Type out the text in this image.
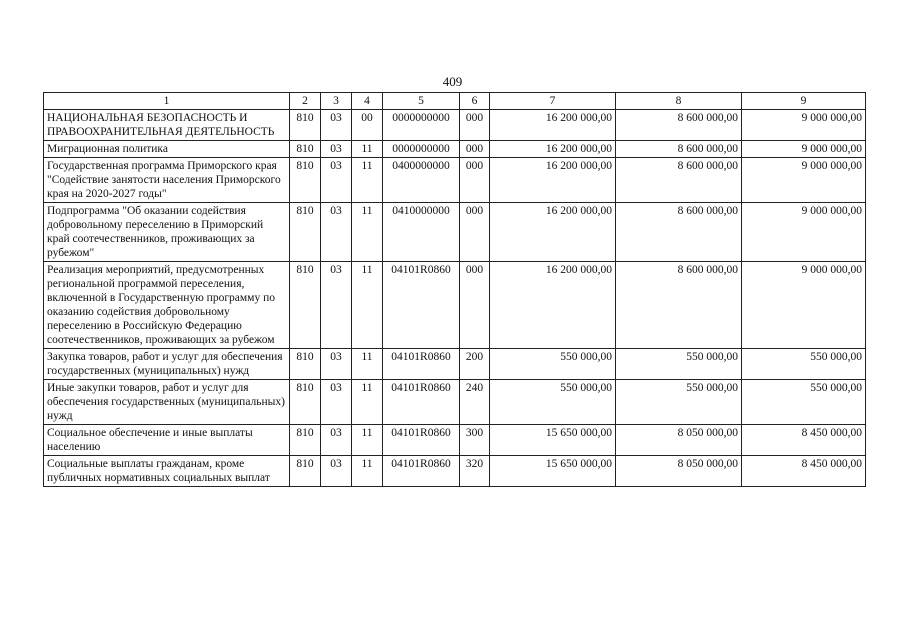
409
1	2	3	4	5	6	7	8	9
НАЦИОНАЛЬНАЯ БЕЗОПАСНОСТЬ И ПРАВООХРАНИТЕЛЬНАЯ ДЕЯТЕЛЬНОСТЬ	810	03	00	0000000000	000	16 200 000,00	8 600 000,00	9 000 000,00
Миграционная политика	810	03	11	0000000000	000	16 200 000,00	8 600 000,00	9 000 000,00
Государственная программа Приморского края "Содействие занятости населения Приморского края на 2020-2027 годы"	810	03	11	0400000000	000	16 200 000,00	8 600 000,00	9 000 000,00
Подпрограмма "Об оказании содействия добровольному переселению в Приморский край соотечественников, проживающих за рубежом"	810	03	11	0410000000	000	16 200 000,00	8 600 000,00	9 000 000,00
Реализация мероприятий, предусмотренных региональной программой переселения, включенной в Государственную программу по оказанию содействия добровольному переселению в Российскую Федерацию соотечественников, проживающих за рубежом	810	03	11	04101R0860	000	16 200 000,00	8 600 000,00	9 000 000,00
Закупка товаров, работ и услуг для обеспечения государственных (муниципальных) нужд	810	03	11	04101R0860	200	550 000,00	550 000,00	550 000,00
Иные закупки товаров, работ и услуг для обеспечения государственных (муниципальных) нужд	810	03	11	04101R0860	240	550 000,00	550 000,00	550 000,00
Социальное обеспечение и иные выплаты населению	810	03	11	04101R0860	300	15 650 000,00	8 050 000,00	8 450 000,00
Социальные выплаты гражданам, кроме публичных нормативных социальных выплат	810	03	11	04101R0860	320	15 650 000,00	8 050 000,00	8 450 000,00
